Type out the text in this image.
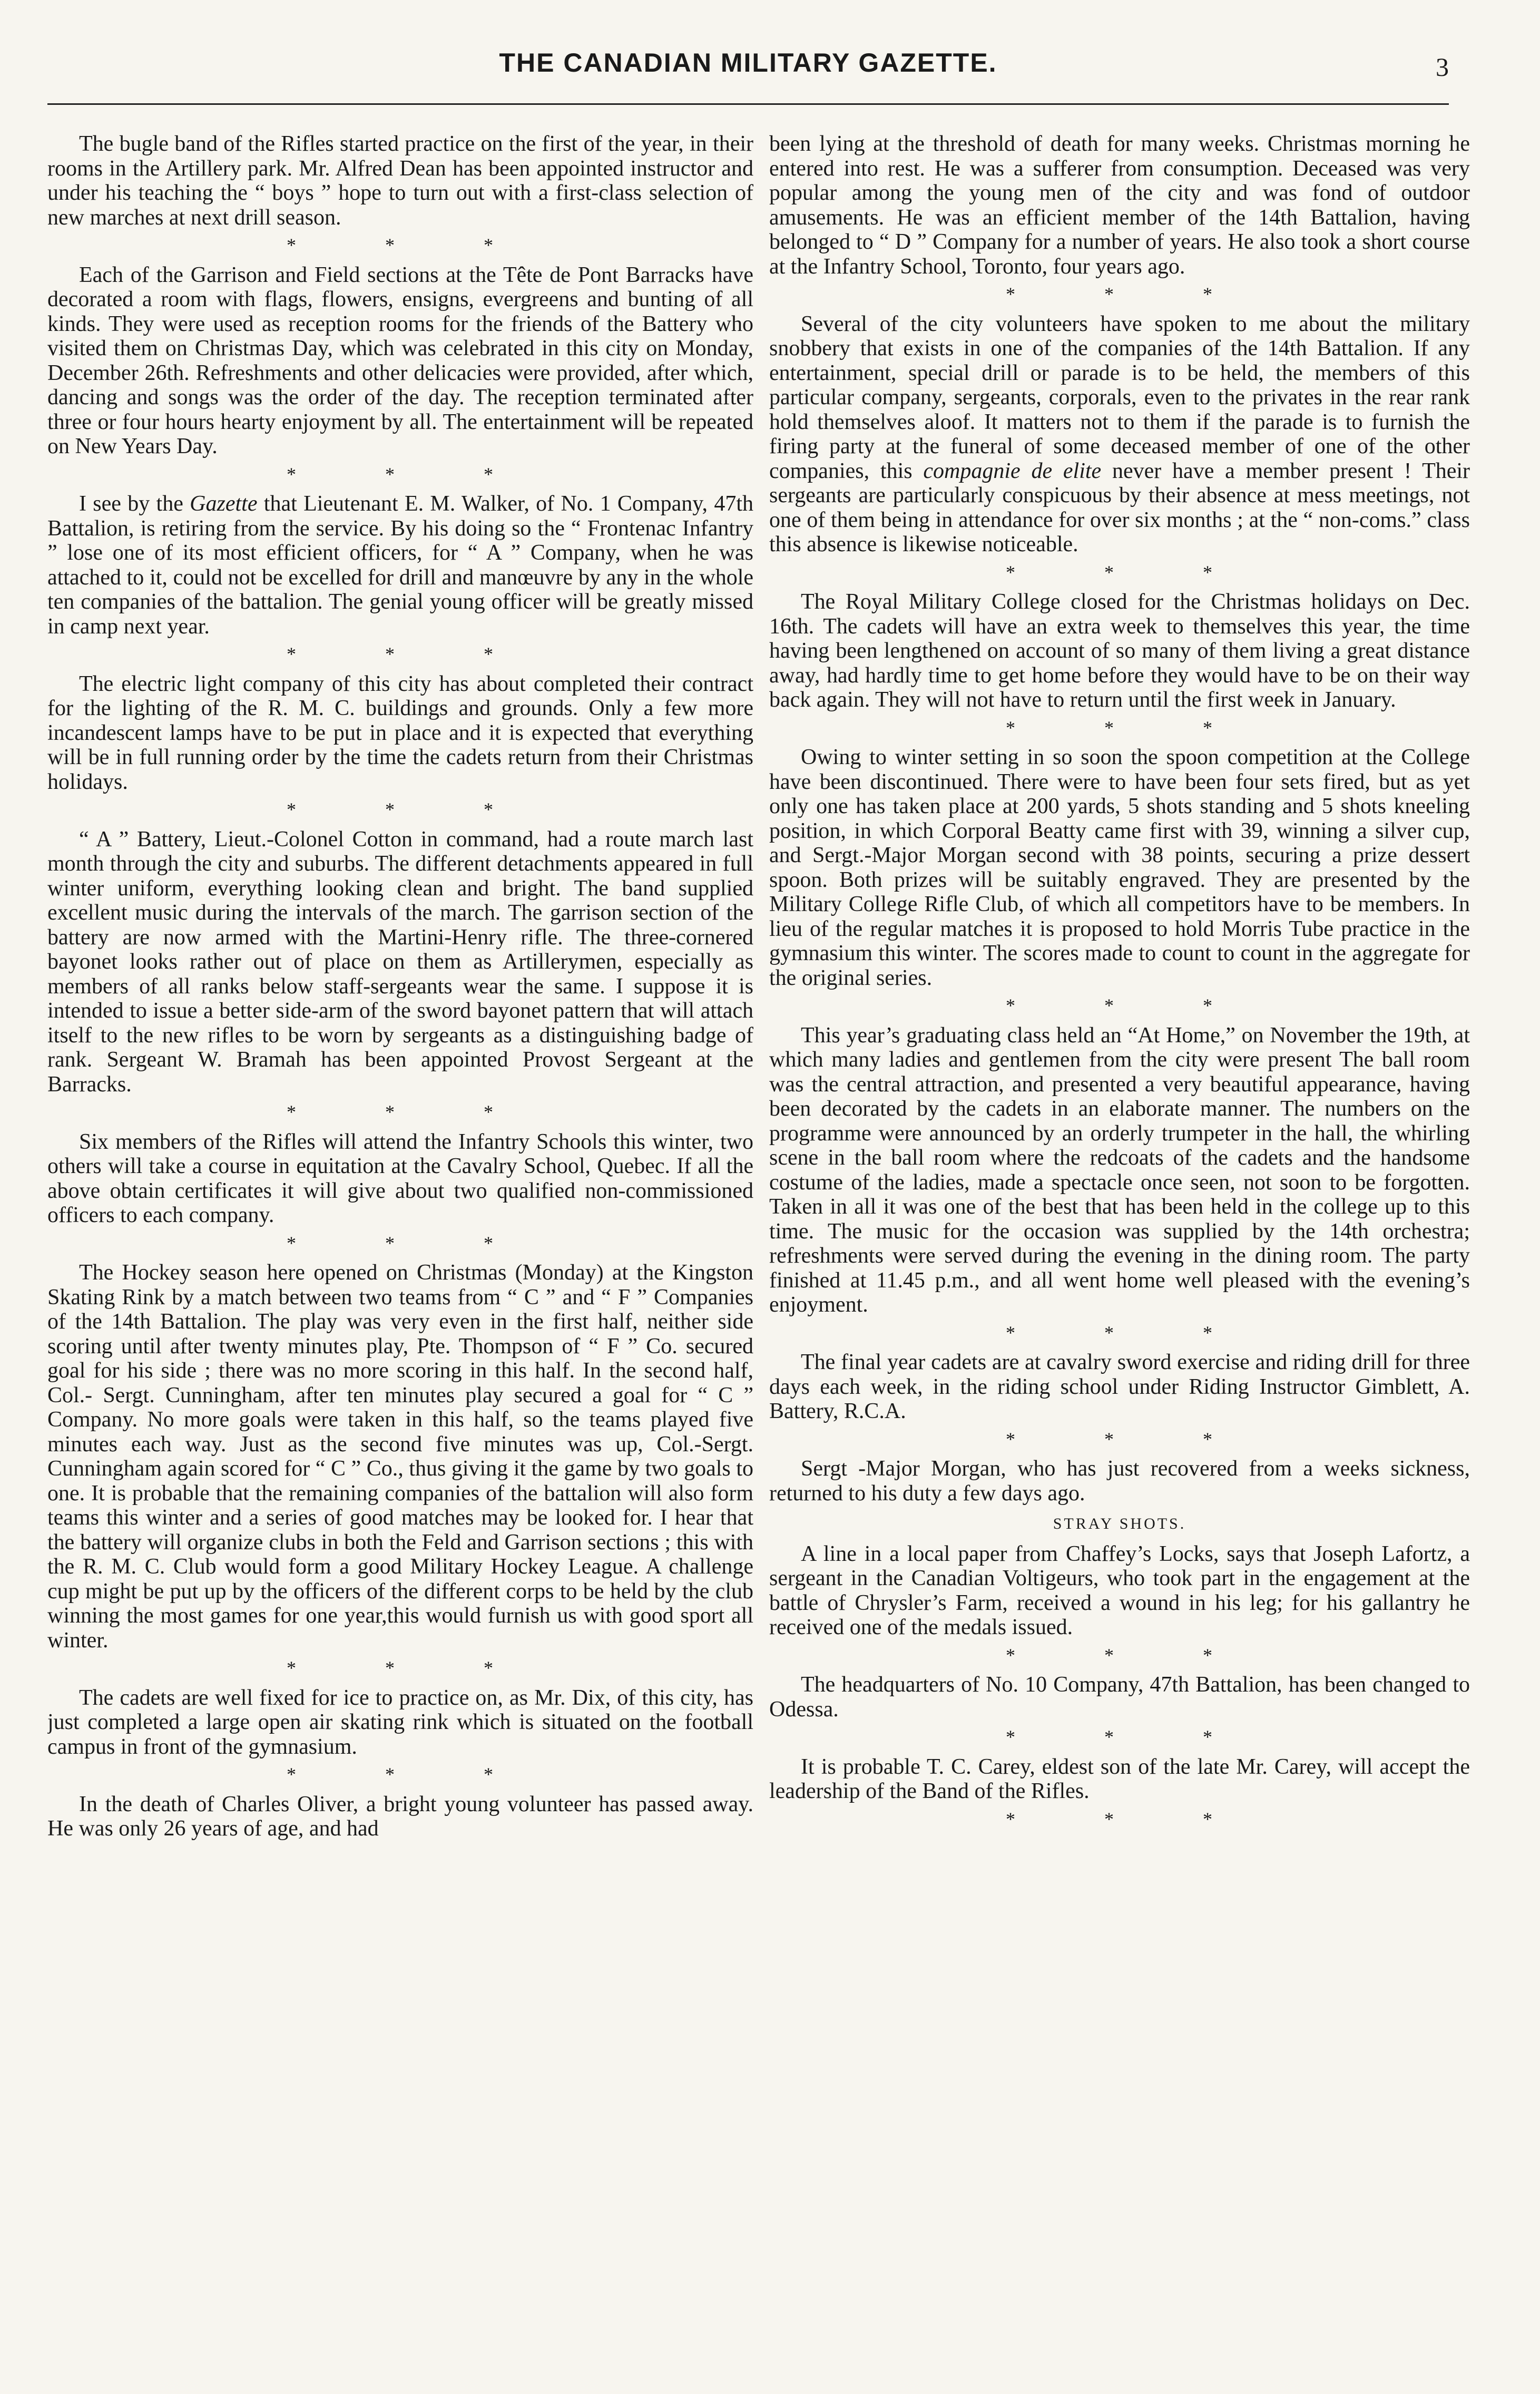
THE CANADIAN MILITARY GAZETTE.	3

The bugle band of the Rifles started practice on the first of the year, in their rooms in the Artillery park. Mr. Alfred Dean has been appointed instructor and under his teaching the “ boys ” hope to turn out with a first-class selection of new marches at next drill season.

* * *

Each of the Garrison and Field sections at the Tête de Pont Barracks have decorated a room with flags, flowers, ensigns, evergreens and bunting of all kinds. They were used as reception rooms for the friends of the Battery who visited them on Christmas Day, which was celebrated in this city on Monday, December 26th. Refreshments and other delicacies were provided, after which, dancing and songs was the order of the day. The reception terminated after three or four hours hearty enjoyment by all. The entertainment will be repeated on New Years Day.

* * *

I see by the Gazette that Lieutenant E. M. Walker, of No. 1 Company, 47th Battalion, is retiring from the service. By his doing so the “ Frontenac Infantry ” lose one of its most efficient officers, for “ A ” Company, when he was attached to it, could not be excelled for drill and manœuvre by any in the whole ten companies of the battalion. The genial young officer will be greatly missed in camp next year.

* * *

The electric light company of this city has about completed their contract for the lighting of the R. M. C. buildings and grounds. Only a few more incandescent lamps have to be put in place and it is expected that everything will be in full running order by the time the cadets return from their Christmas holidays.

* * *

“ A ” Battery, Lieut.-Colonel Cotton in command, had a route march last month through the city and suburbs. The different detachments appeared in full winter uniform, everything looking clean and bright. The band supplied excellent music during the intervals of the march. The garrison section of the battery are now armed with the Martini-Henry rifle. The three-cornered bayonet looks rather out of place on them as Artillerymen, especially as members of all ranks below staff-sergeants wear the same. I suppose it is intended to issue a better side-arm of the sword bayonet pattern that will attach itself to the new rifles to be worn by sergeants as a distinguishing badge of rank. Sergeant W. Bramah has been appointed Provost Sergeant at the Barracks.

* * *

Six members of the Rifles will attend the Infantry Schools this winter, two others will take a course in equitation at the Cavalry School, Quebec. If all the above obtain certificates it will give about two qualified non-commissioned officers to each company.

* * *

The Hockey season here opened on Christmas (Monday) at the Kingston Skating Rink by a match between two teams from “ C ” and “ F ” Companies of the 14th Battalion. The play was very even in the first half, neither side scoring until after twenty minutes play, Pte. Thompson of “ F ” Co. secured goal for his side ; there was no more scoring in this half. In the second half, Col.- Sergt. Cunningham, after ten minutes play secured a goal for “ C ” Company. No more goals were taken in this half, so the teams played five minutes each way. Just as the second five minutes was up, Col.-Sergt. Cunningham again scored for “ C ” Co., thus giving it the game by two goals to one. It is probable that the remaining companies of the battalion will also form teams this winter and a series of good matches may be looked for. I hear that the battery will organize clubs in both the Feld and Garrison sections ; this with the R. M. C. Club would form a good Military Hockey League. A challenge cup might be put up by the officers of the different corps to be held by the club winning the most games for one year,this would furnish us with good sport all winter.

* * *

The cadets are well fixed for ice to practice on, as Mr. Dix, of this city, has just completed a large open air skating rink which is situated on the football campus in front of the gymnasium.

* * *

In the death of Charles Oliver, a bright young volunteer has passed away. He was only 26 years of age, and had

been lying at the threshold of death for many weeks. Christmas morning he entered into rest. He was a sufferer from consumption. Deceased was very popular among the young men of the city and was fond of outdoor amusements. He was an efficient member of the 14th Battalion, having belonged to “ D ” Company for a number of years. He also took a short course at the Infantry School, Toronto, four years ago.

* * *

Several of the city volunteers have spoken to me about the military snobbery that exists in one of the companies of the 14th Battalion. If any entertainment, special drill or parade is to be held, the members of this particular company, sergeants, corporals, even to the privates in the rear rank hold themselves aloof. It matters not to them if the parade is to furnish the firing party at the funeral of some deceased member of one of the other companies, this compagnie de elite never have a member present ! Their sergeants are particularly conspicuous by their absence at mess meetings, not one of them being in attendance for over six months ; at the “ non-coms.” class this absence is likewise noticeable.

* * *

The Royal Military College closed for the Christmas holidays on Dec. 16th. The cadets will have an extra week to themselves this year, the time having been lengthened on account of so many of them living a great distance away, had hardly time to get home before they would have to be on their way back again. They will not have to return until the first week in January.

* * *

Owing to winter setting in so soon the spoon competition at the College have been discontinued. There were to have been four sets fired, but as yet only one has taken place at 200 yards, 5 shots standing and 5 shots kneeling position, in which Corporal Beatty came first with 39, winning a silver cup, and Sergt.-Major Morgan second with 38 points, securing a prize dessert spoon. Both prizes will be suitably engraved. They are presented by the Military College Rifle Club, of which all competitors have to be members. In lieu of the regular matches it is proposed to hold Morris Tube practice in the gymnasium this winter. The scores made to count to count in the aggregate for the original series.

* * *

This year’s graduating class held an “At Home,” on November the 19th, at which many ladies and gentlemen from the city were present The ball room was the central attraction, and presented a very beautiful appearance, having been decorated by the cadets in an elaborate manner. The numbers on the programme were announced by an orderly trumpeter in the hall, the whirling scene in the ball room where the redcoats of the cadets and the handsome costume of the ladies, made a spectacle once seen, not soon to be forgotten. Taken in all it was one of the best that has been held in the college up to this time. The music for the occasion was supplied by the 14th orchestra; refreshments were served during the evening in the dining room. The party finished at 11.45 p.m., and all went home well pleased with the evening’s enjoyment.

* * *

The final year cadets are at cavalry sword exercise and riding drill for three days each week, in the riding school under Riding Instructor Gimblett, A. Battery, R.C.A.

* * *

Sergt -Major Morgan, who has just recovered from a weeks sickness, returned to his duty a few days ago.

STRAY SHOTS.

A line in a local paper from Chaffey’s Locks, says that Joseph Lafortz, a sergeant in the Canadian Voltigeurs, who took part in the engagement at the battle of Chrysler’s Farm, received a wound in his leg; for his gallantry he received one of the medals issued.

* * *

The headquarters of No. 10 Company, 47th Battalion, has been changed to Odessa.

* * *

It is probable T. C. Carey, eldest son of the late Mr. Carey, will accept the leadership of the Band of the Rifles.

* * *
